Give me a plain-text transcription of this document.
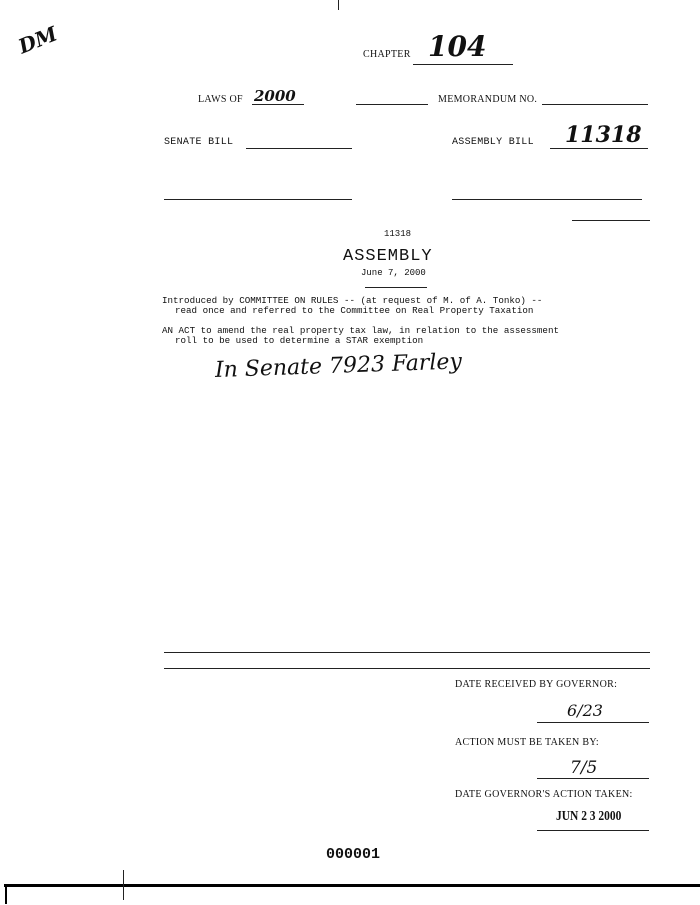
DM	CHAPTER 104
LAWS OF 2000	MEMORANDUM NO.
SENATE BILL	ASSEMBLY BILL 11318
11318
ASSEMBLY
June 7, 2000
Introduced by COMMITTEE ON RULES -- (at request of M. of A. Tonko) --
read once and referred to the Committee on Real Property Taxation
AN ACT to amend the real property tax law, in relation to the assessment
roll to be used to determine a STAR exemption
In Senate 7923 Farley
DATE RECEIVED BY GOVERNOR:
6/23
ACTION MUST BE TAKEN BY:
7/5
DATE GOVERNOR'S ACTION TAKEN:
JUN 2 3 2000
000001
